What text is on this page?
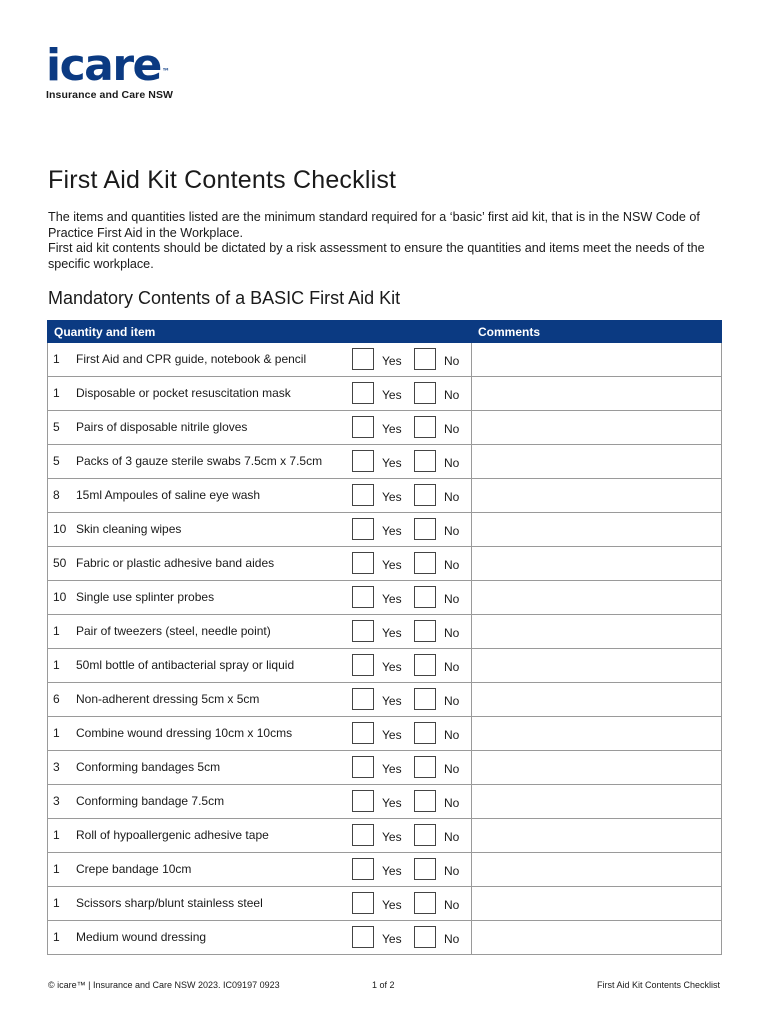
icare™
Insurance and Care NSW
First Aid Kit Contents Checklist

The items and quantities listed are the minimum standard required for a ‘basic’ first aid kit, that is in the NSW Code of Practice First Aid in the Workplace.

First aid kit contents should be dictated by a risk assessment to ensure the quantities and items meet the needs of the specific workplace.

Mandatory Contents of a BASIC First Aid Kit
Quantity and item	Comments

1 First Aid and CPR guide, notebook & pencil Yes No	

1 Disposable or pocket resuscitation mask Yes No	

5 Pairs of disposable nitrile gloves Yes No	

5 Packs of 3 gauze sterile swabs 7.5cm x 7.5cm Yes No	

8 15ml Ampoules of saline eye wash Yes No	

10 Skin cleaning wipes Yes No	

50 Fabric or plastic adhesive band aides Yes No	

10 Single use splinter probes Yes No	

1 Pair of tweezers (steel, needle point) Yes No	

1 50ml bottle of antibacterial spray or liquid Yes No	

6 Non-adherent dressing 5cm x 5cm Yes No	

1 Combine wound dressing 10cm x 10cms Yes No	

3 Conforming bandages 5cm Yes No	

3 Conforming bandage 7.5cm Yes No	

1 Roll of hypoallergenic adhesive tape Yes No	

1 Crepe bandage 10cm Yes No	

1 Scissors sharp/blunt stainless steel Yes No	

1 Medium wound dressing Yes No	

© icare™ | Insurance and Care NSW 2023. IC09197 0923	1 of 2	First Aid Kit Contents Checklist
